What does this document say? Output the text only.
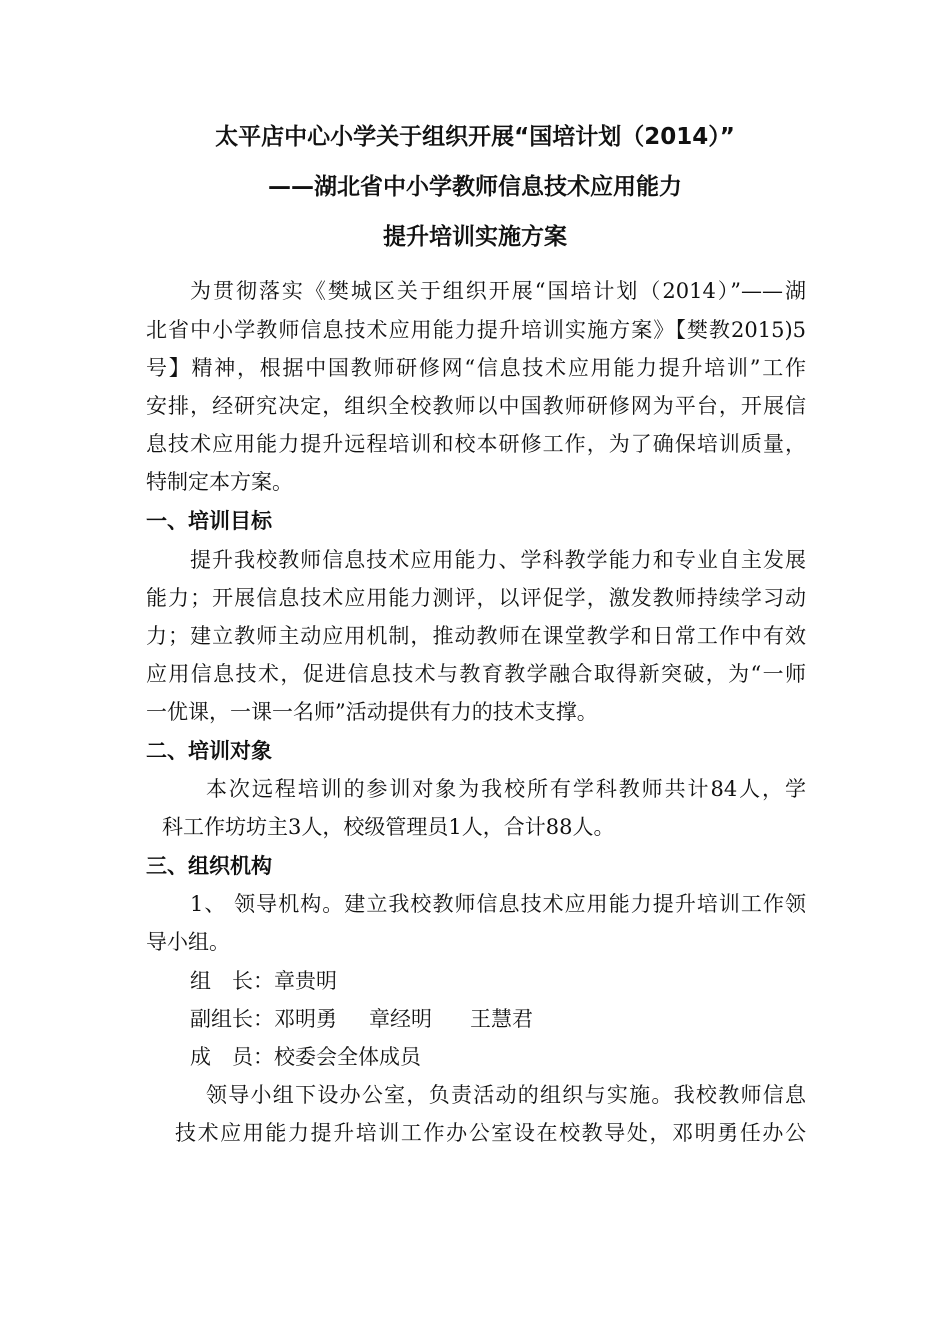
太平店中心小学关于组织开展“国培计划（2014）”
——湖北省中小学教师信息技术应用能力
提升培训实施方案
为贯彻落实《樊城区关于组织开展“国培计划（2014）”——湖
北省中小学教师信息技术应用能力提升培训实施方案》【樊教2015)5
号】精神，根据中国教师研修网“信息技术应用能力提升培训”工作
安排，经研究决定，组织全校教师以中国教师研修网为平台，开展信
息技术应用能力提升远程培训和校本研修工作，为了确保培训质量，
特制定本方案。
一、培训目标
提升我校教师信息技术应用能力、学科教学能力和专业自主发展
能力；开展信息技术应用能力测评，以评促学，激发教师持续学习动
力；建立教师主动应用机制，推动教师在课堂教学和日常工作中有效
应用信息技术，促进信息技术与教育教学融合取得新突破，为“一师
一优课，一课一名师”活动提供有力的技术支撑。
二、培训对象
本次远程培训的参训对象为我校所有学科教师共计84人，学
科工作坊坊主3人，校级管理员1人，合计88人。
三、组织机构
1、 领导机构。建立我校教师信息技术应用能力提升培训工作领
导小组。
组　长：章贵明
副组长：邓明勇 章经明 王慧君
成　员：校委会全体成员
领导小组下设办公室，负责活动的组织与实施。我校教师信息
技术应用能力提升培训工作办公室设在校教导处，邓明勇任办公
